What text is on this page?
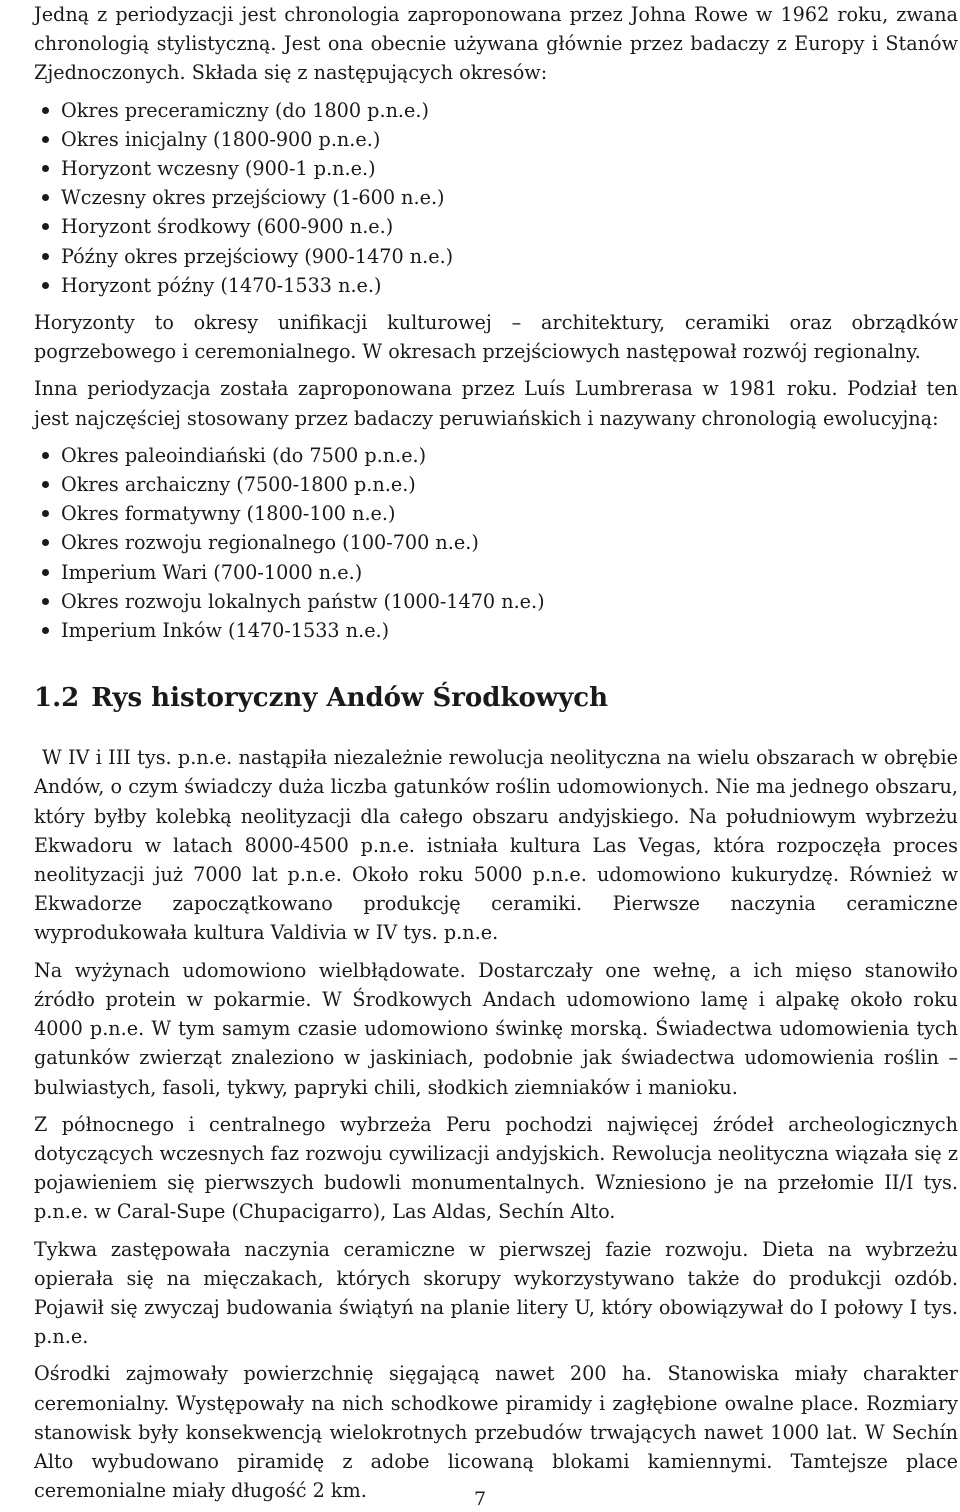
Jedną z periodyzacji jest chronologia zaproponowana przez Johna Rowe w 1962 roku, zwana chronologią stylistyczną. Jest ona obecnie używana głównie przez badaczy z Europy i Stanów Zjednoczonych. Składa się z następujących okresów:

Okres preceramiczny (do 1800 p.n.e.)
Okres inicjalny (1800-900 p.n.e.)
Horyzont wczesny (900-1 p.n.e.)
Wczesny okres przejściowy (1-600 n.e.)
Horyzont środkowy (600-900 n.e.)
Późny okres przejściowy (900-1470 n.e.)
Horyzont późny (1470-1533 n.e.)

Horyzonty to okresy unifikacji kulturowej – architektury, ceramiki oraz obrządków pogrzebowego i ceremonialnego. W okresach przejściowych następował rozwój regionalny.

Inna periodyzacja została zaproponowana przez Luís Lumbrerasa w 1981 roku. Podział ten jest najczęściej stosowany przez badaczy peruwiańskich i nazywany chronologią ewolucyjną:

Okres paleoindiański (do 7500 p.n.e.)
Okres archaiczny (7500-1800 p.n.e.)
Okres formatywny (1800-100 n.e.)
Okres rozwoju regionalnego (100-700 n.e.)
Imperium Wari (700-1000 n.e.)
Okres rozwoju lokalnych państw (1000-1470 n.e.)
Imperium Inków (1470-1533 n.e.)
1.2 Rys historyczny Andów Środkowych

W IV i III tys. p.n.e. nastąpiła niezależnie rewolucja neolityczna na wielu obszarach w obrębie Andów, o czym świadczy duża liczba gatunków roślin udomowionych. Nie ma jednego obszaru, który byłby kolebką neolityzacji dla całego obszaru andyjskiego. Na południowym wybrzeżu Ekwadoru w latach 8000-4500 p.n.e. istniała kultura Las Vegas, która rozpoczęła proces neolityzacji już 7000 lat p.n.e. Około roku 5000 p.n.e. udomowiono kukurydzę. Również w Ekwadorze zapoczątkowano produkcję ceramiki. Pierwsze naczynia ceramiczne wyprodukowała kultura Valdivia w IV tys. p.n.e.

Na wyżynach udomowiono wielbłądowate. Dostarczały one wełnę, a ich mięso stanowiło źródło protein w pokarmie. W Środkowych Andach udomowiono lamę i alpakę około roku 4000 p.n.e. W tym samym czasie udomowiono świnkę morską. Świadectwa udomowienia tych gatunków zwierząt znaleziono w jaskiniach, podobnie jak świadectwa udomowienia roślin – bulwiastych, fasoli, tykwy, papryki chili, słodkich ziemniaków i manioku.

Z północnego i centralnego wybrzeża Peru pochodzi najwięcej źródeł archeologicznych dotyczących wczesnych faz rozwoju cywilizacji andyjskich. Rewolucja neolityczna wiązała się z pojawieniem się pierwszych budowli monumentalnych. Wzniesiono je na przełomie II/I tys. p.n.e. w Caral-Supe (Chupacigarro), Las Aldas, Sechín Alto.

Tykwa zastępowała naczynia ceramiczne w pierwszej fazie rozwoju. Dieta na wybrzeżu opierała się na mięczakach, których skorupy wykorzystywano także do produkcji ozdób. Pojawił się zwyczaj budowania świątyń na planie litery U, który obowiązywał do I połowy I tys. p.n.e.

Ośrodki zajmowały powierzchnię sięgającą nawet 200 ha. Stanowiska miały charakter ceremonialny. Występowały na nich schodkowe piramidy i zagłębione owalne place. Rozmiary stanowisk były konsekwencją wielokrotnych przebudów trwających nawet 1000 lat. W Sechín Alto wybudowano piramidę z adobe licowaną blokami kamiennymi. Tamtejsze place ceremonialne miały długość 2 km.	7
